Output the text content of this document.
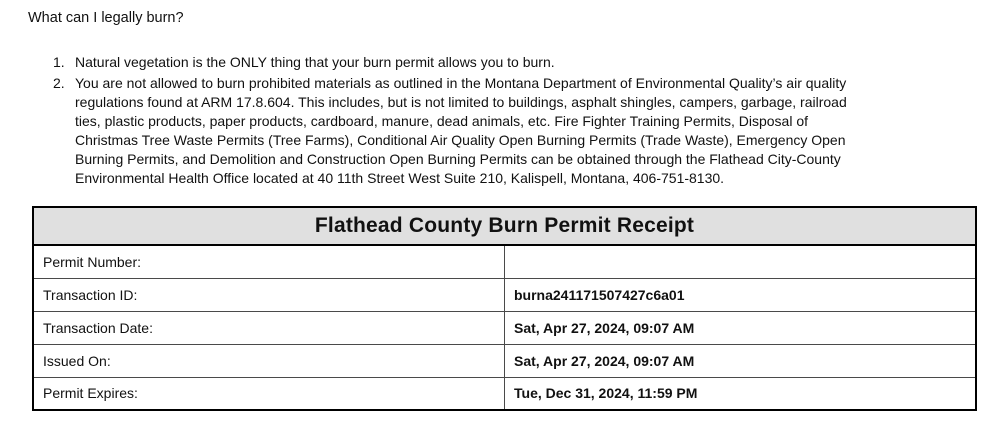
What can I legally burn?
1. Natural vegetation is the ONLY thing that your burn permit allows you to burn.
2. You are not allowed to burn prohibited materials as outlined in the Montana Department of Environmental Quality’s air quality
regulations found at ARM 17.8.604. This includes, but is not limited to buildings, asphalt shingles, campers, garbage, railroad
ties, plastic products, paper products, cardboard, manure, dead animals, etc. Fire Fighter Training Permits, Disposal of
Christmas Tree Waste Permits (Tree Farms), Conditional Air Quality Open Burning Permits (Trade Waste), Emergency Open
Burning Permits, and Demolition and Construction Open Burning Permits can be obtained through the Flathead City-County
Environmental Health Office located at 40 11th Street West Suite 210, Kalispell, Montana, 406-751-8130.
Flathead County Burn Permit Receipt	
Permit Number:	
Transaction ID:	burna241171507427c6a01
Transaction Date:	Sat, Apr 27, 2024, 09:07 AM
Issued On:	Sat, Apr 27, 2024, 09:07 AM
Permit Expires:	Tue, Dec 31, 2024, 11:59 PM
